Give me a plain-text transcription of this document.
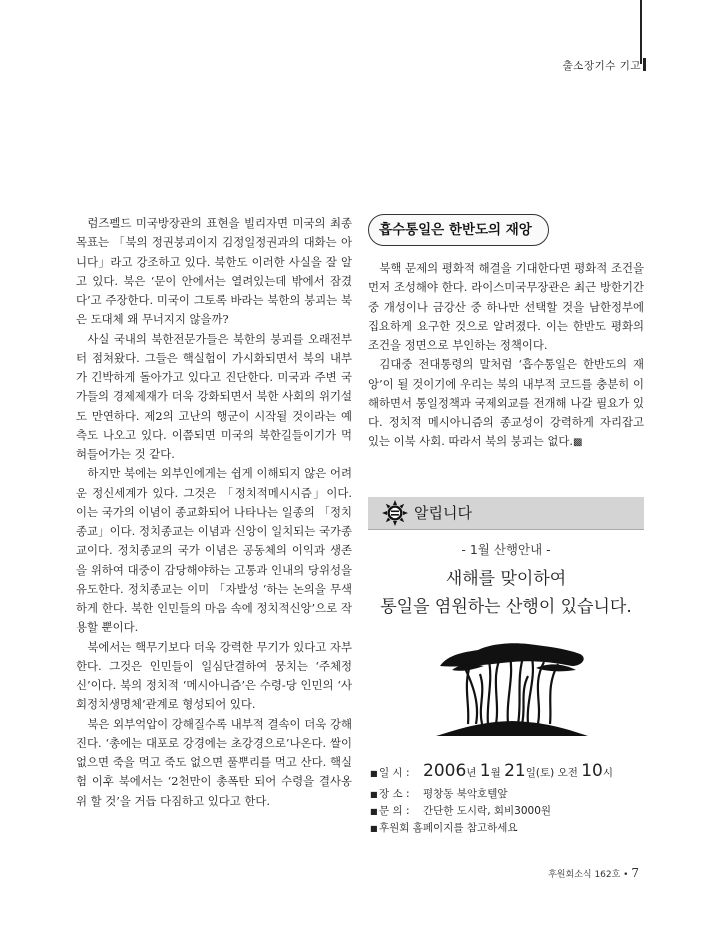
출소장기수 기고

럼즈펠드 미국방장관의 표현을 빌리자면 미국의 최종목표는 「북의 정권붕괴이지 김정일정권과의 대화는 아니다」라고 강조하고 있다. 북한도 이러한 사실을 잘 알고 있다. 북은 ‘문이 안에서는 열려있는데 밖에서 잠겼다’고 주장한다. 미국이 그토록 바라는 북한의 붕괴는 북은 도대체 왜 무너지지 않을까?

사실 국내의 북한전문가들은 북한의 붕괴를 오래전부터 점쳐왔다. 그들은 핵실험이 가시화되면서 북의 내부가 긴박하게 돌아가고 있다고 진단한다. 미국과 주변 국가들의 경제제재가 더욱 강화되면서 북한 사회의 위기설도 만연하다. 제2의 고난의 행군이 시작될 것이라는 예측도 나오고 있다. 이쯤되면 미국의 북한길들이기가 먹혀들어가는 것 같다.

하지만 북에는 외부인에게는 쉽게 이해되지 않은 어려운 정신세계가 있다. 그것은 「정치적메시시즘」이다. 이는 국가의 이념이 종교화되어 나타나는 일종의 「정치종교」이다. 정치종교는 이념과 신앙이 일치되는 국가종교이다. 정치종교의 국가 이념은 공동체의 이익과 생존을 위하여 대중이 감당해야하는 고통과 인내의 당위성을 유도한다. 정치종교는 이미 「자발성 ‘하는 논의을 무색하게 한다. 북한 인민들의 마음 속에 정치적신앙’으로 작용할 뿐이다.

북에서는 핵무기보다 더욱 강력한 무기가 있다고 자부한다. 그것은 인민들이 일심단결하여 뭉치는 ‘주체정신’이다. 북의 정치적 ‘메시아니즘’은 수령-당 인민의 ‘사회정치생명체’관계로 형성되어 있다.

북은 외부억압이 강해질수록 내부적 결속이 더욱 강해진다. ‘총에는 대포로 강경에는 초강경으로’나온다. 쌀이 없으면 죽을 먹고 죽도 없으면 풀뿌리를 먹고 산다. 핵실험 이후 북에서는 ‘2천만이 총폭탄 되어 수령을 결사옹위 할 것’을 거듭 다짐하고 있다고 한다.

흡수통일은 한반도의 재앙

북핵 문제의 평화적 해결을 기대한다면 평화적 조건을 먼저 조성해야 한다. 라이스미국무장관은 최근 방한기간 중 개성이나 금강산 중 하나만 선택할 것을 남한정부에 집요하게 요구한 것으로 알려졌다. 이는 한반도 평화의 조건을 정면으로 부인하는 정책이다.

김대중 전대통령의 말처럼 ‘흡수통일은 한반도의 재앙’이 될 것이기에 우리는 북의 내부적 코드를 충분히 이해하면서 통일정책과 국제외교를 전개해 나갈 필요가 있다. 정치적 메시아니즘의 종교성이 강력하게 자리잡고 있는 이북 사회. 따라서 북의 붕괴는 없다.▩

알립니다
- 1월 산행안내 -
새해를 맞이하여
통일을 염원하는 산행이 있습니다.
■일 시 : 2006년 1월 21일(토) 오전 10시
■장 소 : 평창동 북악호텔앞
■문 의 : 간단한 도시락, 회비3000원
■후원회 홈페이지를 참고하세요
후원회소식 162호 • 7
